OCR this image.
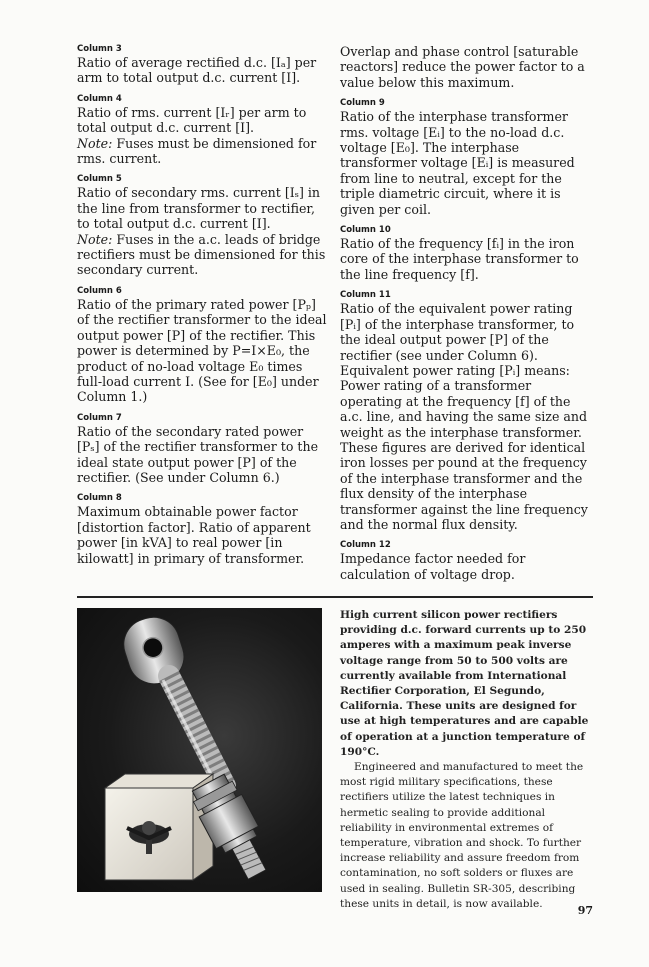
Column 3

Ratio of average rectified d.c. [Iₐ] per arm to total output d.c. current [I].

Column 4

Ratio of rms. current [Iᵣ] per arm to total output d.c. current [I].
Note: Fuses must be dimensioned for rms. current.

Column 5

Ratio of secondary rms. current [Iₛ] in the line from transformer to rectifier, to total output d.c. current [I].
Note: Fuses in the a.c. leads of bridge rectifiers must be dimensioned for this secondary current.

Column 6

Ratio of the primary rated power [Pₚ] of the rectifier transformer to the ideal output power [P] of the rectifier. This power is determined by P=I×E₀, the product of no-load voltage E₀ times full-load current I. (See for [E₀] under Column 1.)

Column 7

Ratio of the secondary rated power [Pₛ] of the rectifier transformer to the ideal state output power [P] of the rectifier. (See under Column 6.)

Column 8

Maximum obtainable power factor [distortion factor]. Ratio of apparent power [in kVA] to real power [in kilowatt] in primary of transformer.

Overlap and phase control [saturable reactors] reduce the power factor to a value below this maximum.

Column 9

Ratio of the interphase transformer rms. voltage [Eᵢ] to the no-load d.c. voltage [E₀]. The interphase transformer voltage [Eᵢ] is measured from line to neutral, except for the triple diametric circuit, where it is given per coil.

Column 10

Ratio of the frequency [fᵢ] in the iron core of the interphase transformer to the line frequency [f].

Column 11

Ratio of the equivalent power rating [Pᵢ] of the interphase transformer, to the ideal output power [P] of the rectifier (see under Column 6). Equivalent power rating [Pᵢ] means: Power rating of a transformer operating at the frequency [f] of the a.c. line, and having the same size and weight as the interphase transformer. These figures are derived for identical iron losses per pound at the frequency of the interphase transformer and the flux density of the interphase transformer against the line frequency and the normal flux density.

Column 12

Impedance factor needed for calculation of voltage drop.

High current silicon power rectifiers providing d.c. forward currents up to 250 amperes with a maximum peak inverse voltage range from 50 to 500 volts are currently available from International Rectifier Corporation, El Segundo, California. These units are designed for use at high temperatures and are capable of operation at a junction temperature of 190°C.

Engineered and manufactured to meet the most rigid military specifications, these rectifiers utilize the latest techniques in hermetic sealing to provide additional reliability in environmental extremes of temperature, vibration and shock. To further increase reliability and assure freedom from contamination, no soft solders or fluxes are used in sealing. Bulletin SR-305, describing these units in detail, is now available.

97
